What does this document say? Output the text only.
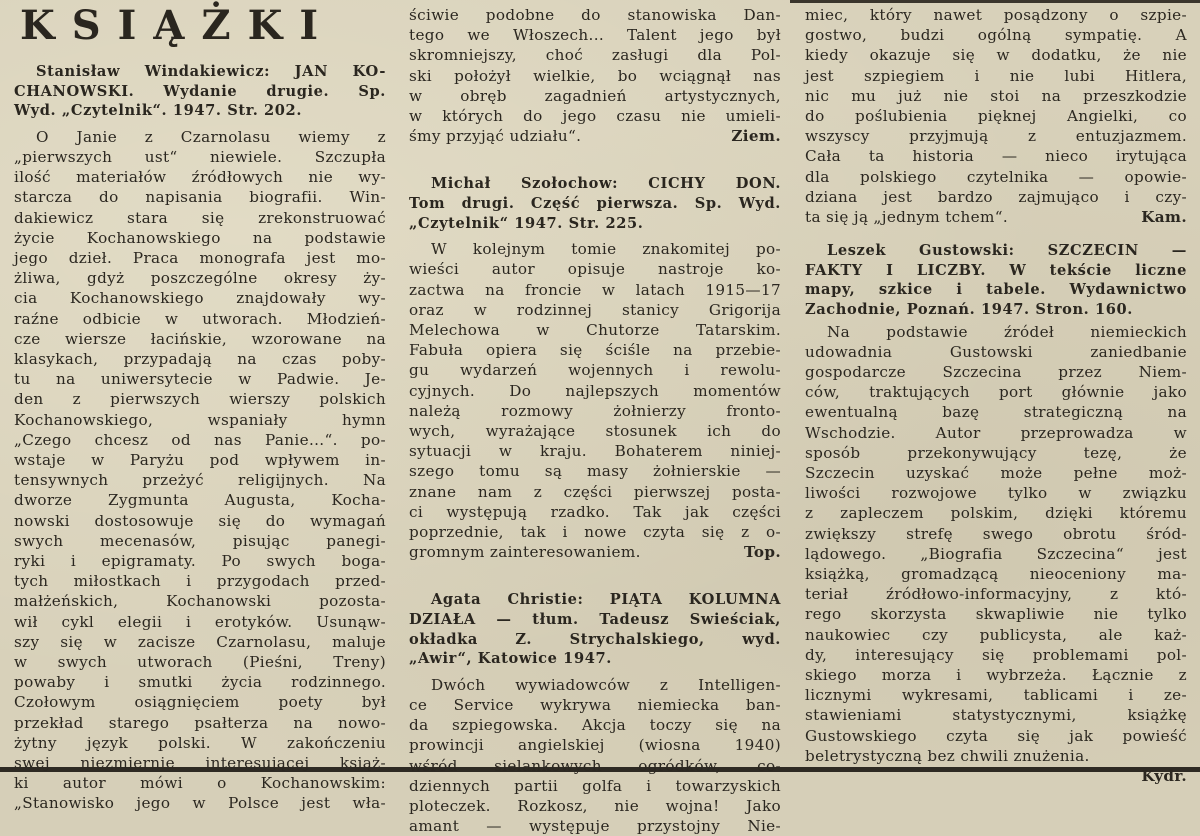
KSIĄŻKI
Stanisław Windakiewicz: JAN KO-
CHANOWSKI. Wydanie drugie. Sp.
Wyd. „Czytelnik“. 1947. Str. 202.
O Janie z Czarnolasu wiemy z
„pierwszych ust“ niewiele. Szczupła
ilość materiałów źródłowych nie wy-
starcza do napisania biografii. Win-
dakiewicz stara się zrekonstruować
życie Kochanowskiego na podstawie
jego dzieł. Praca monografa jest mo-
żliwa, gdyż poszczególne okresy ży-
cia Kochanowskiego znajdowały wy-
raźne odbicie w utworach. Młodzień-
cze wiersze łacińskie, wzorowane na
klasykach, przypadają na czas poby-
tu na uniwersytecie w Padwie. Je-
den z pierwszych wierszy polskich
Kochanowskiego, wspaniały hymn
„Czego chcesz od nas Panie...“. po-
wstaje w Paryżu pod wpływem in-
tensywnych przeżyć religijnych. Na
dworze Zygmunta Augusta, Kocha-
nowski dostosowuje się do wymagań
swych mecenasów, pisując panegi-
ryki i epigramaty. Po swych boga-
tych miłostkach i przygodach przed-
małżeńskich, Kochanowski pozosta-
wił cykl elegii i erotyków. Usunąw-
szy się w zacisze Czarnolasu, maluje
w swych utworach (Pieśni, Treny)
powaby i smutki życia rodzinnego.
Czołowym osiągnięciem poety był
przekład starego psałterza na nowo-
żytny język polski. W zakończeniu
swej niezmiernie interesującej książ-
ki autor mówi o Kochanowskim:
„Stanowisko jego w Polsce jest wła-
ściwie podobne do stanowiska Dan-
tego we Włoszech... Talent jego był
skromniejszy, choć zasługi dla Pol-
ski położył wielkie, bo wciągnął nas
w obręb zagadnień artystycznych,
w których do jego czasu nie umieli-
śmy przyjąć udziału“.	Ziem.
Michał Szołochow: CICHY DON.
Tom drugi. Część pierwsza. Sp. Wyd.
„Czytelnik“ 1947. Str. 225.
W kolejnym tomie znakomitej po-
wieści autor opisuje nastroje ko-
zactwa na froncie w latach 1915—17
oraz w rodzinnej stanicy Grigorija
Melechowa w Chutorze Tatarskim.
Fabuła opiera się ściśle na przebie-
gu wydarzeń wojennych i rewolu-
cyjnych. Do najlepszych momentów
należą rozmowy żołnierzy fronto-
wych, wyrażające stosunek ich do
sytuacji w kraju. Bohaterem niniej-
szego tomu są masy żołnierskie —
znane nam z części pierwszej posta-
ci występują rzadko. Tak jak części
poprzednie, tak i nowe czyta się z o-
gromnym zainteresowaniem.	Top.
Agata Christie: PIĄTA KOLUMNA
DZIAŁA — tłum. Tadeusz Swieściak,
okładka Z. Strychalskiego, wyd.
„Awir“, Katowice 1947.
Dwóch wywiadowców z Intelligen-
ce Service wykrywa niemiecka ban-
da szpiegowska. Akcja toczy się na
prowincji angielskiej (wiosna 1940)
wśród sielankowych ogródków, co-
dziennych partii golfa i towarzyskich
ploteczek. Rozkosz, nie wojna! Jako
amant — występuje przystojny Nie-
miec, który nawet posądzony o szpie-
gostwo, budzi ogólną sympatię. A
kiedy okazuje się w dodatku, że nie
jest szpiegiem i nie lubi Hitlera,
nic mu już nie stoi na przeszkodzie
do poślubienia pięknej Angielki, co
wszyscy przyjmują z entuzjazmem.
Cała ta historia — nieco irytująca
dla polskiego czytelnika — opowie-
dziana jest bardzo zajmująco i czy-
ta się ją „jednym tchem“.	Kam.
Leszek Gustowski: SZCZECIN —
FAKTY I LICZBY. W tekście liczne
mapy, szkice i tabele. Wydawnictwo
Zachodnie, Poznań. 1947. Stron. 160.
Na podstawie źródeł niemieckich
udowadnia Gustowski zaniedbanie
gospodarcze Szczecina przez Niem-
ców, traktujących port głównie jako
ewentualną bazę strategiczną na
Wschodzie. Autor przeprowadza w
sposób przekonywujący tezę, że
Szczecin uzyskać może pełne moż-
liwości rozwojowe tylko w związku
z zapleczem polskim, dzięki któremu
zwiększy strefę swego obrotu śród-
lądowego. „Biografia Szczecina“ jest
książką, gromadzącą nieoceniony ma-
teriał źródłowo-informacyjny, z któ-
rego skorzysta skwapliwie nie tylko
naukowiec czy publicysta, ale każ-
dy, interesujący się problemami pol-
skiego morza i wybrzeża. Łącznie z
licznymi wykresami, tablicami i ze-
stawieniami statystycznymi, książkę
Gustowskiego czyta się jak powieść
beletrystyczną bez chwili znużenia.
Kydr.
